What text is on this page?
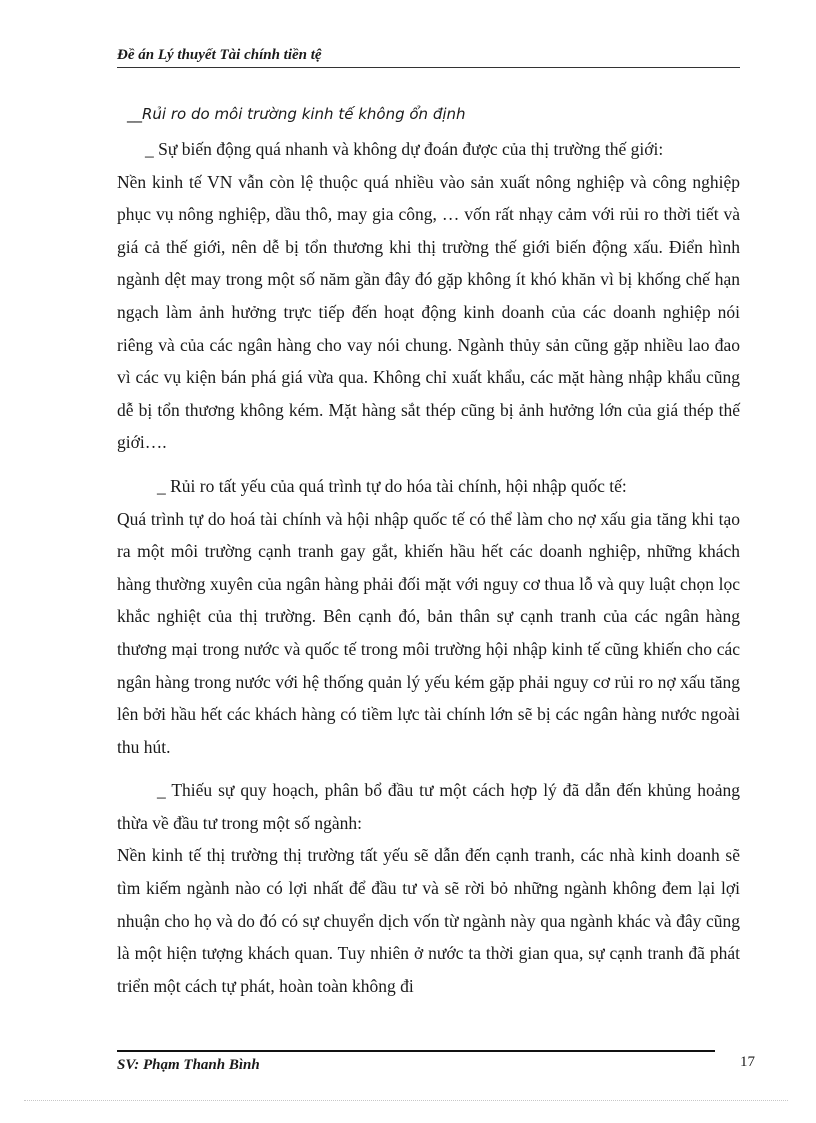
Đề án Lý thuyết Tài chính tiền tệ

__Rủi ro do môi trường kinh tế không ổn định

_ Sự biến động quá nhanh và không dự đoán được của thị trường thế giới:

Nền kinh tế VN vẫn còn lệ thuộc quá nhiều vào sản xuất nông nghiệp và công nghiệp phục vụ nông nghiệp, dầu thô, may gia công, … vốn rất nhạy cảm với rủi ro thời tiết và giá cả thế giới, nên dễ bị tổn thương khi thị trường thế giới biến động xấu. Điển hình ngành dệt may trong một số năm gần đây đó gặp không ít khó khăn vì bị khống chế hạn ngạch làm ảnh hưởng trực tiếp đến hoạt động kinh doanh của các doanh nghiệp nói riêng và của các ngân hàng cho vay nói chung. Ngành thủy sản cũng gặp nhiều lao đao vì các vụ kiện bán phá giá vừa qua. Không chỉ xuất khẩu, các mặt hàng nhập khẩu cũng dễ bị tổn thương không kém. Mặt hàng sắt thép cũng bị ảnh hưởng lớn của giá thép thế giới….

_ Rủi ro tất yếu của quá trình tự do hóa tài chính, hội nhập quốc tế:

Quá trình tự do hoá tài chính và hội nhập quốc tế có thể làm cho nợ xấu gia tăng khi tạo ra một môi trường cạnh tranh gay gắt, khiến hầu hết các doanh nghiệp, những khách hàng thường xuyên của ngân hàng phải đối mặt với nguy cơ thua lỗ và quy luật chọn lọc khắc nghiệt của thị trường. Bên cạnh đó, bản thân sự cạnh tranh của các ngân hàng thương mại trong nước và quốc tế trong môi trường hội nhập kinh tế cũng khiến cho các ngân hàng trong nước với hệ thống quản lý yếu kém gặp phải nguy cơ rủi ro nợ xấu tăng lên bởi hầu hết các khách hàng có tiềm lực tài chính lớn sẽ bị các ngân hàng nước ngoài thu hút.

_ Thiếu sự quy hoạch, phân bổ đầu tư một cách hợp lý đã dẫn đến khủng hoảng thừa về đầu tư trong một số ngành:

Nền kinh tế thị trường thị trường tất yếu sẽ dẫn đến cạnh tranh, các nhà kinh doanh sẽ tìm kiếm ngành nào có lợi nhất để đầu tư và sẽ rời bỏ những ngành không đem lại lợi nhuận cho họ và do đó có sự chuyển dịch vốn từ ngành này qua ngành khác và đây cũng là một hiện tượng khách quan. Tuy nhiên ở nước ta thời gian qua, sự cạnh tranh đã phát triển một cách tự phát, hoàn toàn không đi

SV: Phạm Thanh Bình	17
